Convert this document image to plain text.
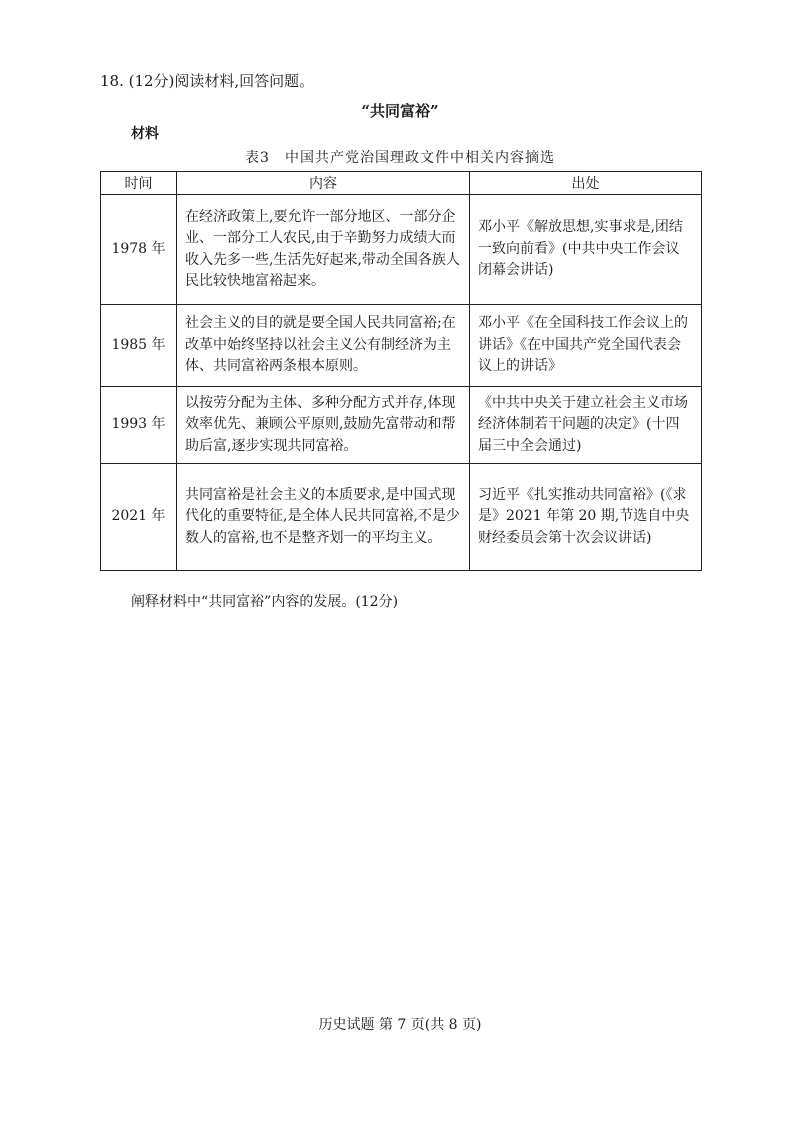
18. (12分)阅读材料,回答问题。
“共同富裕”
材料
表3　中国共产党治国理政文件中相关内容摘选
时间	内容	出处
1978 年	在经济政策上,要允许一部分地区、一部分企业、一部分工人农民,由于辛勤努力成绩大而收入先多一些,生活先好起来,带动全国各族人民比较快地富裕起来。	邓小平《解放思想,实事求是,团结一致向前看》(中共中央工作会议闭幕会讲话)
1985 年	社会主义的目的就是要全国人民共同富裕;在改革中始终坚持以社会主义公有制经济为主体、共同富裕两条根本原则。	邓小平《在全国科技工作会议上的讲话》《在中国共产党全国代表会议上的讲话》
1993 年	以按劳分配为主体、多种分配方式并存,体现效率优先、兼顾公平原则,鼓励先富带动和帮助后富,逐步实现共同富裕。	《中共中央关于建立社会主义市场经济体制若干问题的决定》(十四届三中全会通过)
2021 年	共同富裕是社会主义的本质要求,是中国式现代化的重要特征,是全体人民共同富裕,不是少数人的富裕,也不是整齐划一的平均主义。	习近平《扎实推动共同富裕》(《求是》2021 年第 20 期,节选自中央财经委员会第十次会议讲话)
阐释材料中“共同富裕”内容的发展。(12分)
历史试题 第 7 页(共 8 页)
